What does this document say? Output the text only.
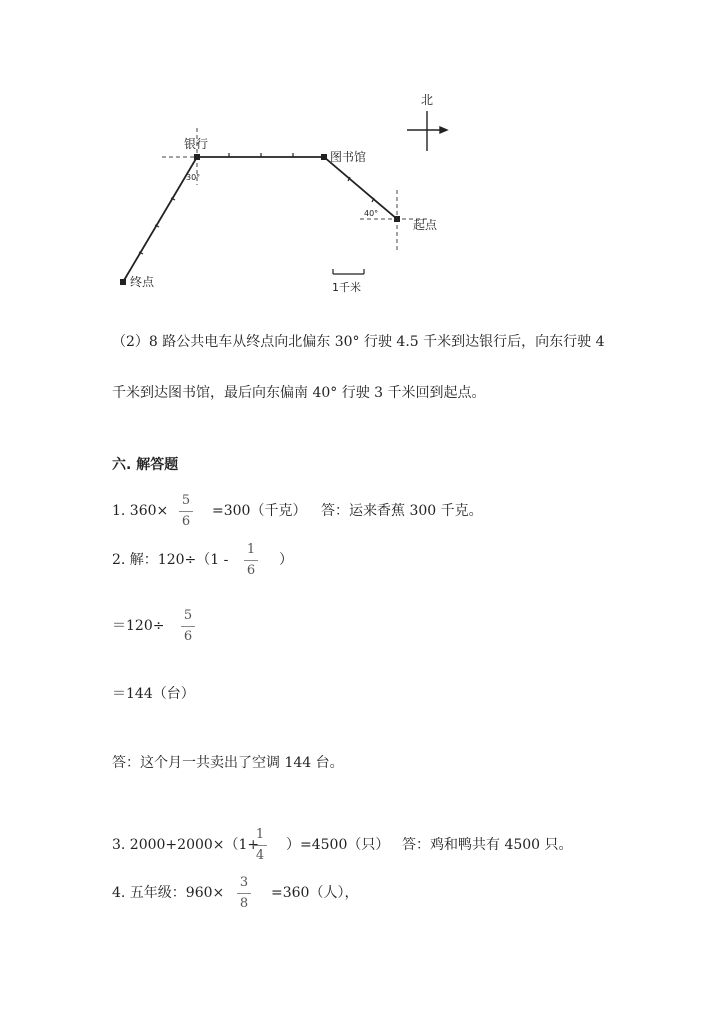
北
银行
图书馆
起点
终点
30°
40°
1千米
（2）8 路公共电车从终点向北偏东 30° 行驶 4.5 千米到达银行后，向东行驶 4
千米到达图书馆，最后向东偏南 40° 行驶 3 千米回到起点。
六. 解答题
1. 360×
5
6
=300（千克） 答：运来香蕉 300 千克。
2. 解：120÷（1 -
1
6
）
＝120÷
5
6
＝144（台）
答：这个月一共卖出了空调 144 台。
3. 2000+2000×（1+
1
4
）=4500（只） 答：鸡和鸭共有 4500 只。
4. 五年级：960×
3
8
=360（人），
